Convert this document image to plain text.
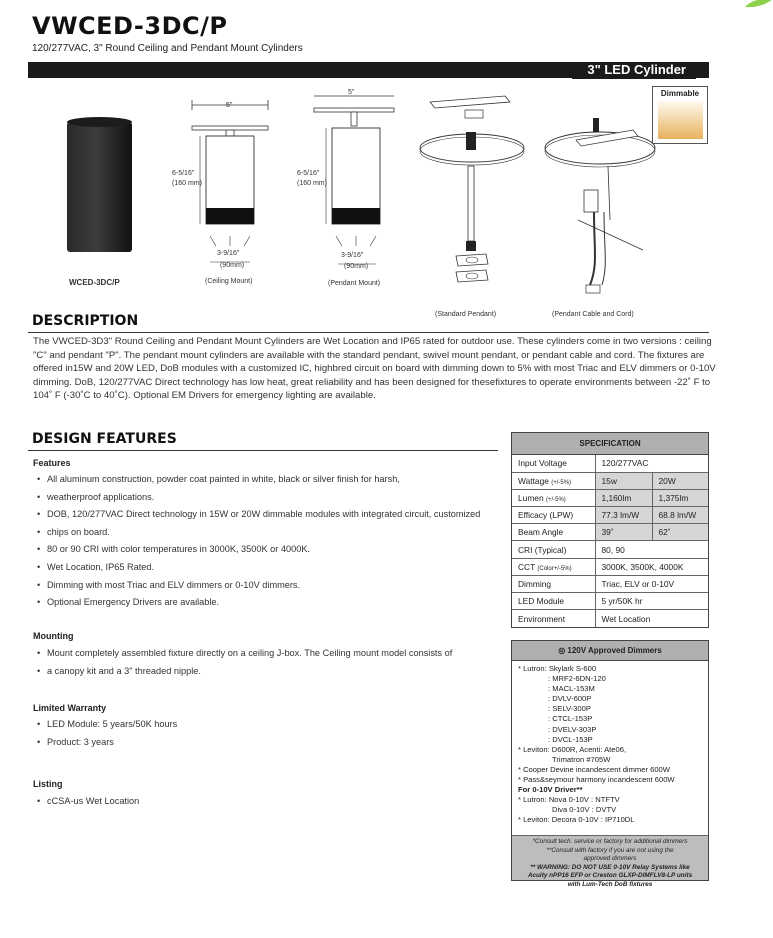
VWCED-3DC/P
120/277VAC, 3" Round Ceiling and Pendant Mount Cylinders
3" LED Cylinder
WCED-3DC/P
5"
6-5/16"
(160 mm)
3-9/16"
(90mm)
(Ceiling Mount)
5"
6-5/16"
(160 mm)
3-9/16"
(90mm)
(Pendant Mount)
(Standard Pendant)	(Pendant Cable and Cord)
Dimmable
DESCRIPTION
The VWCED-3D3" Round Ceiling and Pendant Mount Cylinders are Wet Location and IP65 rated for outdoor use. These cylinders come in two versions : ceiling "C" and pendant "P". The pendant mount cylinders are available with the standard pendant, swivel mount pendant, or pendant cable and cord. The fixtures are offered in15W and 20W LED, DoB modules with a customized IC, highbred circuit on board with dimming down to 5% with most Triac and ELV dimmers or 0-10V dimming. DoB, 120/277VAC Direct technology has low heat, great reliability and has been designed for thesefixtures to operate environments between -22˚ F to 104˚ F (-30˚C to 40˚C). Optional EM Drivers for emergency lighting are available.
DESIGN FEATURES
Features
• All aluminum construction, powder coat painted in white, black or silver finish for harsh,
• weatherproof applications.
• DOB, 120/277VAC Direct technology in 15W or 20W dimmable modules with integrated circuit, customized
• chips on board.
• 80 or 90 CRI with color temperatures in 3000K, 3500K or 4000K.
• Wet Location, IP65 Rated.
• Dimming with most Triac and ELV dimmers or 0-10V dimmers.
• Optional Emergency Drivers are available.
Mounting
• Mount completely assembled fixture directly on a ceiling J-box. The Ceiling mount model consists of
• a canopy kit and a 3" threaded nipple.
Limited Warranty
• LED Module: 5 years/50K hours
• Product: 3 years
Listing
• cCSA-us Wet Location
SPECIFICATION
Input Voltage	120/277VAC	
Wattage (+/-5%)	15w	20W
Lumen (+/-5%)	1,160lm	1,375lm
Efficacy (LPW)	77.3 lm/W	68.8 lm/W
Beam Angle	39˚	62˚
CRI (Typical)	80, 90	
CCT (Color+/-5%)	3000K, 3500K, 4000K	
Dimming	Triac, ELV or 0-10V	
LED Module	5 yr/50K hr	
Environment	Wet Location	
◎ 120V Approved Dimmers
* Lutron: Skylark S-600
: MRF2-6DN-120
: MACL-153M
: DVLV-600P
: SELV-300P
: CTCL-153P
: DVELV-303P
: DVCL-153P
* Leviton: D600R, Acenti: Ate06,
Trimatron #705W
* Cooper Devine incandescent dimmer 600W
* Pass&seymour harmony incandescent 600W
For 0-10V Driver**
* Lutron: Nova 0-10V : NTFTV
Diva 0-10V : DVTV
* Leviton: Decora 0-10V : IP710DL
*Consult tech. service or factory for additional dimmers
**Consult with factory if you are not using the
approved dimmers
** WARNING: DO NOT USE 0-10V Relay Systems like
Acuity nPP16 EFP or Creston GLXP-DIMFLV8-LP units
with Lum-Tech DoB fixtures
